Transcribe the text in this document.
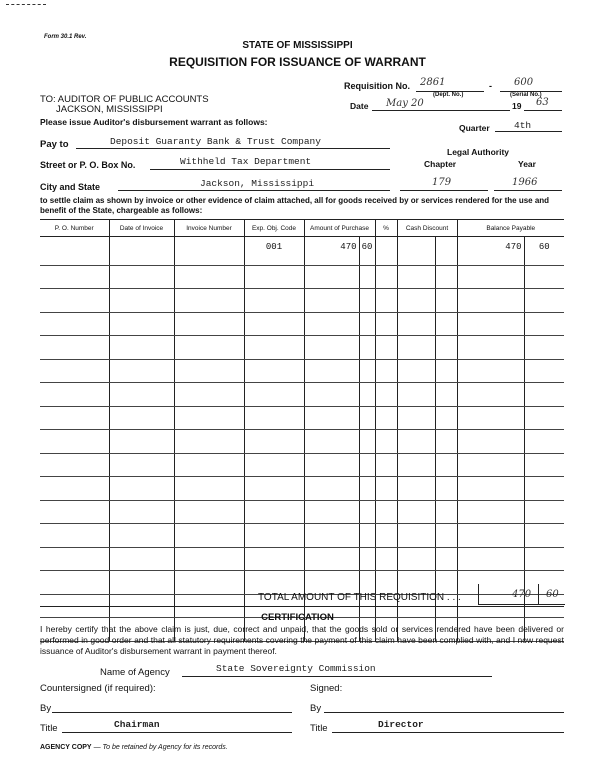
Form 30.1 Rev.
STATE OF MISSISSIPPI
REQUISITION FOR ISSUANCE OF WARRANT
Requisition No. 2861
(Dept. No.)
- 600
(Serial No.)
TO: AUDITOR OF PUBLIC ACCOUNTS
JACKSON, MISSISSIPPI	Date May 20	19 63
Please issue Auditor's disbursement warrant as follows:
Quarter	4th
Pay to	Deposit Guaranty Bank & Trust Company
Legal Authority
Chapter	Year
Street or P. O. Box No.	Withheld Tax Department
City and State	Jackson, Mississippi	179	1966
to settle claim as shown by invoice or other evidence of claim attached, all for goods received by or services rendered for the use and benefit of the State, chargeable as follows:
P. O. Number	Date of Invoice	Invoice Number	Exp. Obj. Code	Amount of Purchase		%	Cash Discount		Balance Payable	
			001	470	60				470	60

TOTAL AMOUNT OF THIS REQUISITION . . .	470 60
CERTIFICATION
I hereby certify that the above claim is just, due, correct and unpaid, that the goods sold or services rendered have been delivered or performed in good order and that all statutory requirements covering the payment of this claim have been complied with, and I now request issuance of Auditor's disbursement warrant in payment thereof.
Name of Agency	State Sovereignty Commission
Countersigned (if required):	Signed:
By	By
Title	Chairman	Title	Director
AGENCY COPY — To be retained by Agency for its records.
